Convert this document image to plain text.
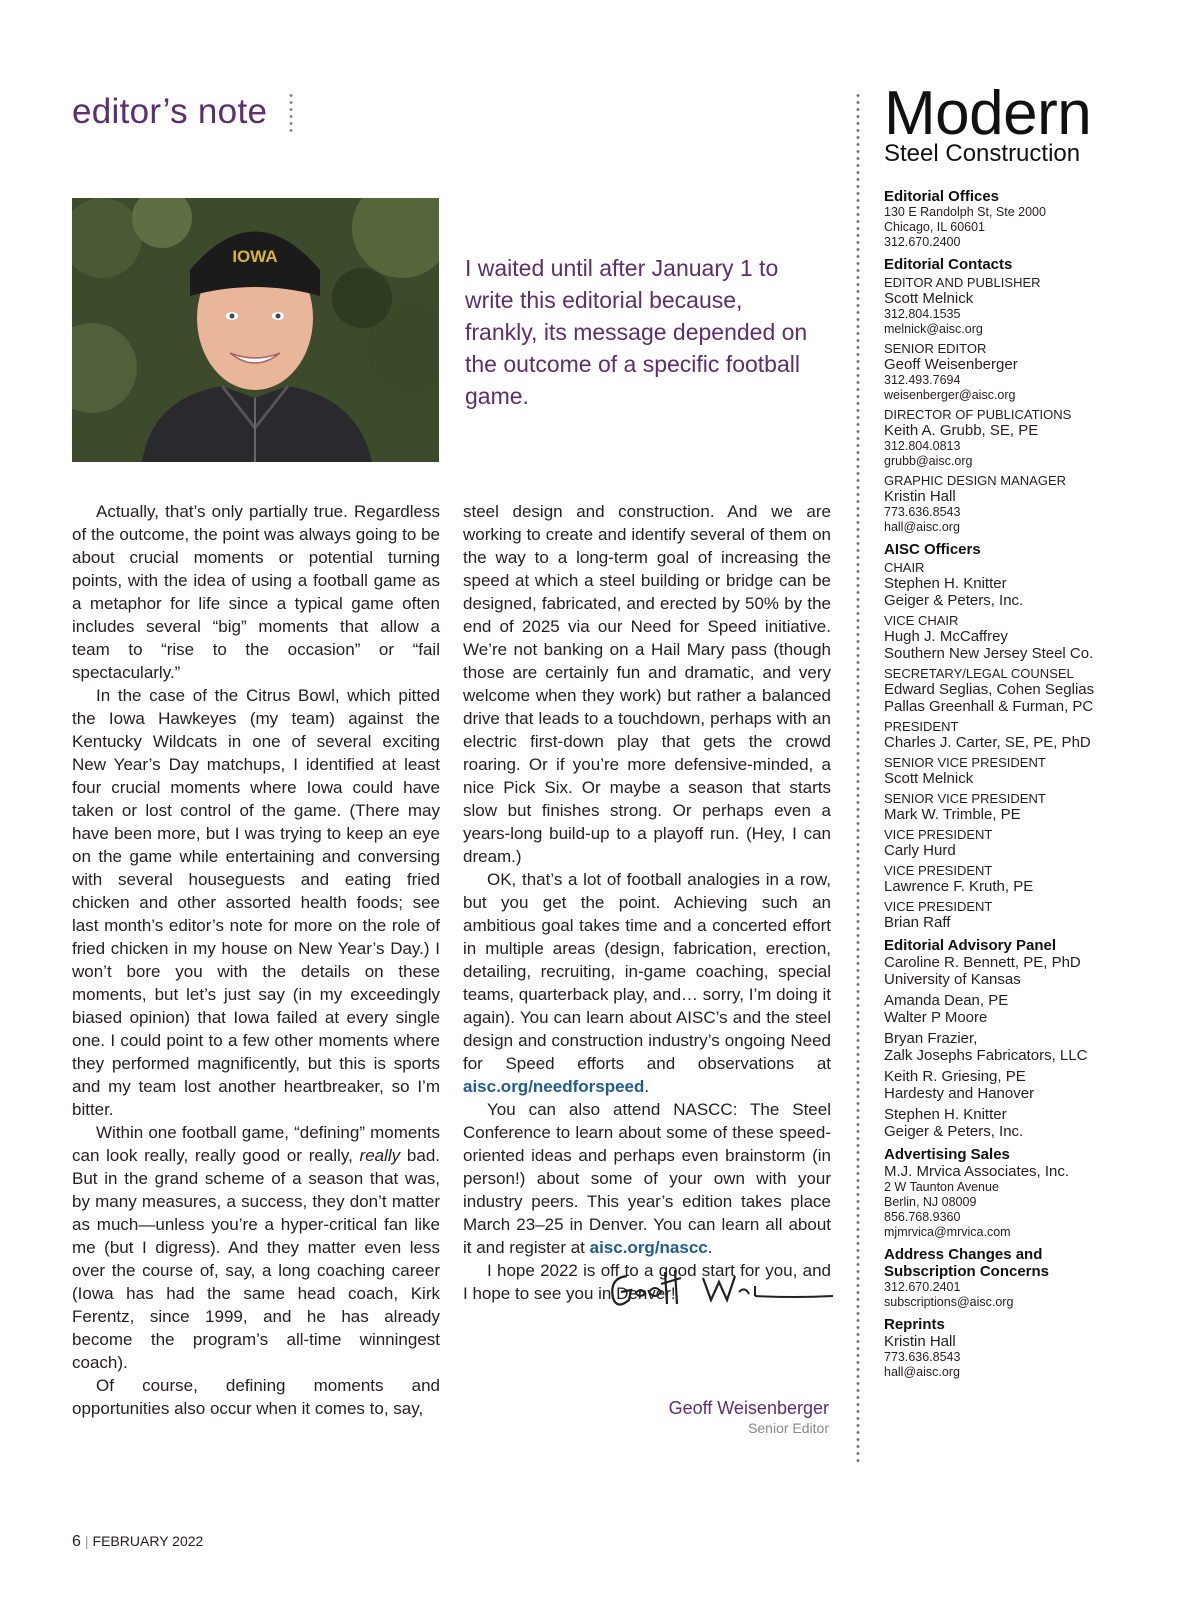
editor’s note
IOWA	I waited until after January 1 to write this editorial because, frankly, its message depended on the outcome of a specific football game.

Actually, that’s only partially true. Regardless of the outcome, the point was always going to be about crucial moments or potential turning points, with the idea of using a football game as a metaphor for life since a typical game often includes several “big” moments that allow a team to “rise to the occasion” or “fail spectacularly.”

In the case of the Citrus Bowl, which pitted the Iowa Hawkeyes (my team) against the Kentucky Wildcats in one of several exciting New Year’s Day matchups, I identified at least four crucial moments where Iowa could have taken or lost control of the game. (There may have been more, but I was trying to keep an eye on the game while entertaining and conversing with several houseguests and eating fried chicken and other assorted health foods; see last month’s editor’s note for more on the role of fried chicken in my house on New Year’s Day.) I won’t bore you with the details on these moments, but let’s just say (in my exceedingly biased opinion) that Iowa failed at every single one. I could point to a few other moments where they performed magnificently, but this is sports and my team lost another heartbreaker, so I’m bitter.

Within one football game, “defining” moments can look really, really good or really, really bad. But in the grand scheme of a season that was, by many measures, a success, they don’t matter as much—unless you’re a hyper-critical fan like me (but I digress). And they matter even less over the course of, say, a long coaching career (Iowa has had the same head coach, Kirk Ferentz, since 1999, and he has already become the program’s all-time winningest coach).

Of course, defining moments and opportunities also occur when it comes to, say,

steel design and construction. And we are working to create and identify several of them on the way to a long-term goal of increasing the speed at which a steel building or bridge can be designed, fabricated, and erected by 50% by the end of 2025 via our Need for Speed initiative. We’re not banking on a Hail Mary pass (though those are certainly fun and dramatic, and very welcome when they work) but rather a balanced drive that leads to a touchdown, perhaps with an electric first-down play that gets the crowd roaring. Or if you’re more defensive-minded, a nice Pick Six. Or maybe a season that starts slow but finishes strong. Or perhaps even a years-long build-up to a playoff run. (Hey, I can dream.)

OK, that’s a lot of football analogies in a row, but you get the point. Achieving such an ambitious goal takes time and a concerted effort in multiple areas (design, fabrication, erection, detailing, recruiting, in-game coaching, special teams, quarterback play, and… sorry, I’m doing it again). You can learn about AISC’s and the steel design and construction industry’s ongoing Need for Speed efforts and observations at aisc.org/needforspeed.

You can also attend NASCC: The Steel Conference to learn about some of these speed-oriented ideas and perhaps even brainstorm (in person!) about some of your own with your industry peers. This year’s edition takes place March 23–25 in Denver. You can learn all about it and register at aisc.org/nascc.

I hope 2022 is off to a good start for you, and I hope to see you in Denver!

Geoff Weisenberger
Senior Editor
Modern
Steel Construction
Editorial Offices
130 E Randolph St, Ste 2000
Chicago, IL 60601
312.670.2400
Editorial Contacts
EDITOR AND PUBLISHER
Scott Melnick
312.804.1535
melnick@aisc.org
SENIOR EDITOR
Geoff Weisenberger
312.493.7694
weisenberger@aisc.org
DIRECTOR OF PUBLICATIONS
Keith A. Grubb, SE, PE
312.804.0813
grubb@aisc.org
GRAPHIC DESIGN MANAGER
Kristin Hall
773.636.8543
hall@aisc.org
AISC Officers
CHAIR
Stephen H. Knitter
Geiger & Peters, Inc.
VICE CHAIR
Hugh J. McCaffrey
Southern New Jersey Steel Co.
SECRETARY/LEGAL COUNSEL
Edward Seglias, Cohen Seglias
Pallas Greenhall & Furman, PC
PRESIDENT
Charles J. Carter, SE, PE, PhD
SENIOR VICE PRESIDENT
Scott Melnick
SENIOR VICE PRESIDENT
Mark W. Trimble, PE
VICE PRESIDENT
Carly Hurd
VICE PRESIDENT
Lawrence F. Kruth, PE
VICE PRESIDENT
Brian Raff
Editorial Advisory Panel
Caroline R. Bennett, PE, PhD
University of Kansas
Amanda Dean, PE
Walter P Moore
Bryan Frazier,
Zalk Josephs Fabricators, LLC
Keith R. Griesing, PE
Hardesty and Hanover
Stephen H. Knitter
Geiger & Peters, Inc.
Advertising Sales
M.J. Mrvica Associates, Inc.
2 W Taunton Avenue
Berlin, NJ 08009
856.768.9360
mjmrvica@mrvica.com
Address Changes and Subscription Concerns
312.670.2401
subscriptions@aisc.org
Reprints
Kristin Hall
773.636.8543
hall@aisc.org
6 | FEBRUARY 2022
